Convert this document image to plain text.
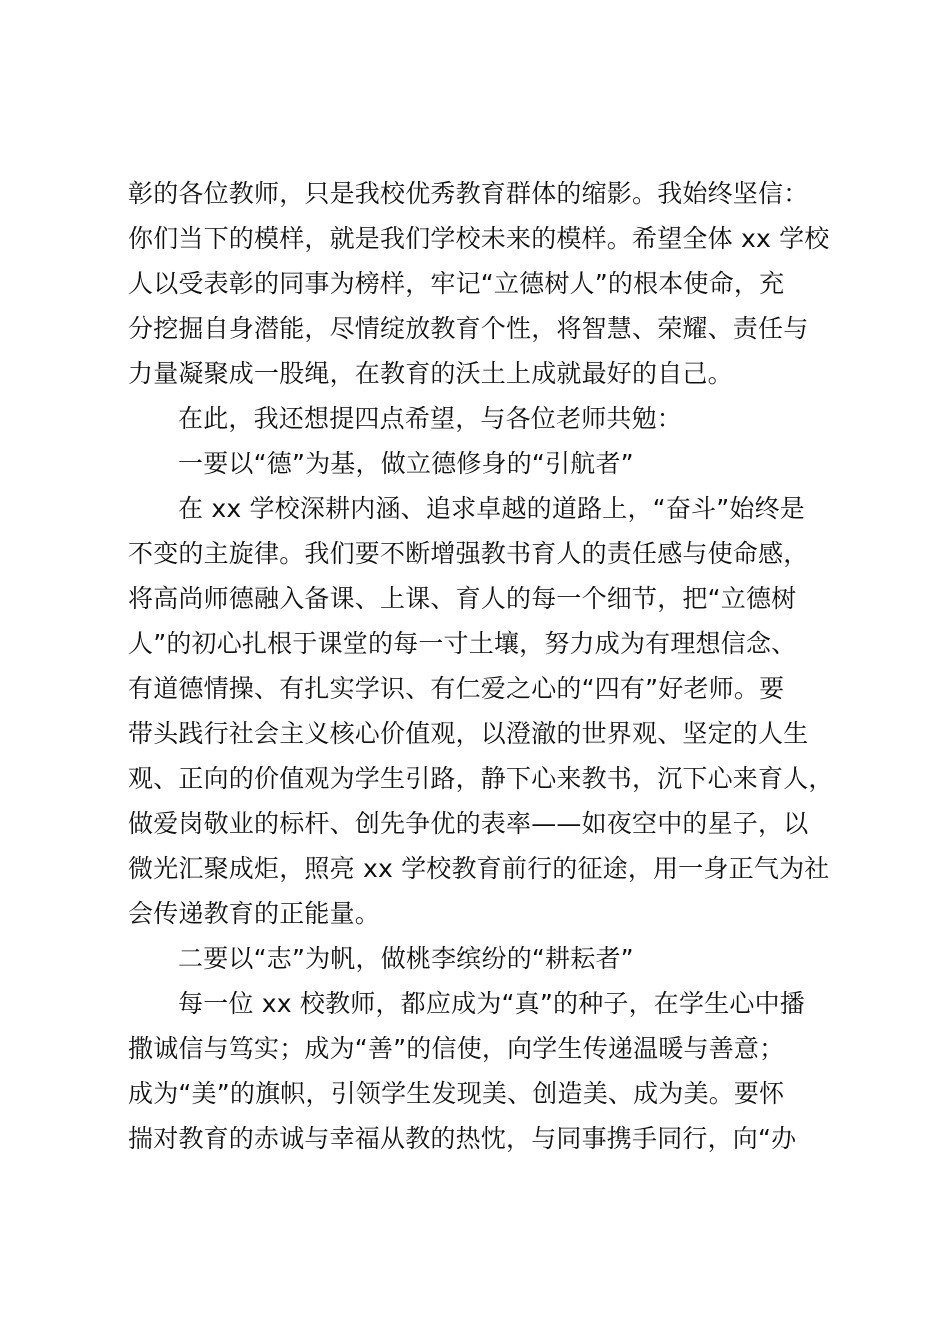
彰的各位教师，只是我校优秀教育群体的缩影。我始终坚信：
你们当下的模样，就是我们学校未来的模样。希望全体 xx 学校
人以受表彰的同事为榜样，牢记“立德树人”的根本使命，充
分挖掘自身潜能，尽情绽放教育个性，将智慧、荣耀、责任与
力量凝聚成一股绳，在教育的沃土上成就最好的自己。
在此，我还想提四点希望，与各位老师共勉：
一要以“德”为基，做立德修身的“引航者”
在 xx 学校深耕内涵、追求卓越的道路上，“奋斗”始终是
不变的主旋律。我们要不断增强教书育人的责任感与使命感，
将高尚师德融入备课、上课、育人的每一个细节，把“立德树
人”的初心扎根于课堂的每一寸土壤，努力成为有理想信念、
有道德情操、有扎实学识、有仁爱之心的“四有”好老师。要
带头践行社会主义核心价值观，以澄澈的世界观、坚定的人生
观、正向的价值观为学生引路，静下心来教书，沉下心来育人，
做爱岗敬业的标杆、创先争优的表率——如夜空中的星子，以
微光汇聚成炬，照亮 xx 学校教育前行的征途，用一身正气为社
会传递教育的正能量。
二要以“志”为帆，做桃李缤纷的“耕耘者”
每一位 xx 校教师，都应成为“真”的种子，在学生心中播
撒诚信与笃实；成为“善”的信使，向学生传递温暖与善意；
成为“美”的旗帜，引领学生发现美、创造美、成为美。要怀
揣对教育的赤诚与幸福从教的热忱，与同事携手同行，向“办
